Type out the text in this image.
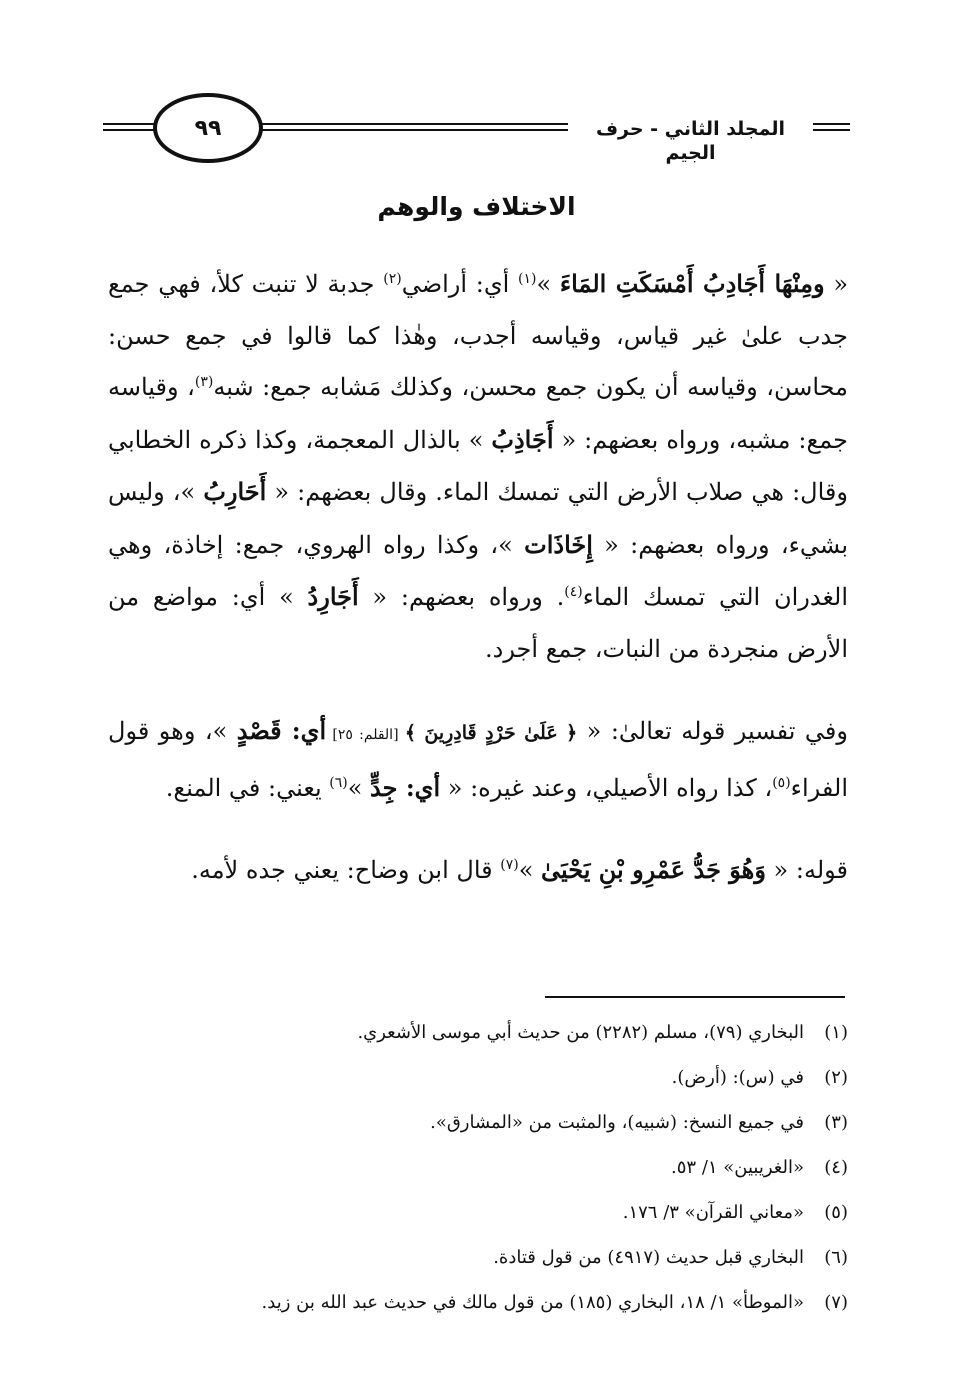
٩٩	المجلد الثاني - حرف الجيم
الاختلاف والوهم

« ومِنْهَا أَجَادِبُ أَمْسَكَتِ المَاءَ »$^{(١)}$ أي: أراضي$^{(٢)}$ جدبة لا تنبت كلأ، فهي جمع جدب علىٰ غير قياس، وقياسه أجدب، وهٰذا كما قالوا في جمع حسن: محاسن، وقياسه أن يكون جمع محسن، وكذلك مَشابه جمع: شبه$^{(٣)}$، وقياسه جمع: مشبه، ورواه بعضهم: « أَجَاذِبُ » بالذال المعجمة، وكذا ذكره الخطابي وقال: هي صلاب الأرض التي تمسك الماء. وقال بعضهم: « أَحَارِبُ »، وليس بشيء، ورواه بعضهم: « إِخَاذَات »، وكذا رواه الهروي، جمع: إخاذة، وهي الغدران التي تمسك الماء$^{(٤)}$. ورواه بعضهم: « أَجَارِدُ » أي: مواضع من الأرض منجردة من النبات، جمع أجرد.

وفي تفسير قوله تعالىٰ: « ﴿ عَلَىٰ حَرْدٍ قَادِرِينَ ﴾ [القلم: ٢٥] أي: قَصْدٍ »، وهو قول الفراء$^{(٥)}$، كذا رواه الأصيلي، وعند غيره: « أي: جِدٍّ »$^{(٦)}$ يعني: في المنع.

قوله: « وَهُوَ جَدُّ عَمْرِو بْنِ يَحْيَىٰ »$^{(٧)}$ قال ابن وضاح: يعني جده لأمه.

(١)
البخاري (٧٩)، مسلم (٢٢٨٢) من حديث أبي موسى الأشعري.
(٢)
في (س): (أرض).
(٣)
في جميع النسخ: (شبيه)، والمثبت من «المشارق».
(٤)
«الغريبين» ١/ ٥٣.
(٥)
«معاني القرآن» ٣/ ١٧٦.
(٦)
البخاري قبل حديث (٤٩١٧) من قول قتادة.
(٧)
«الموطأ» ١/ ١٨، البخاري (١٨٥) من قول مالك في حديث عبد الله بن زيد.
